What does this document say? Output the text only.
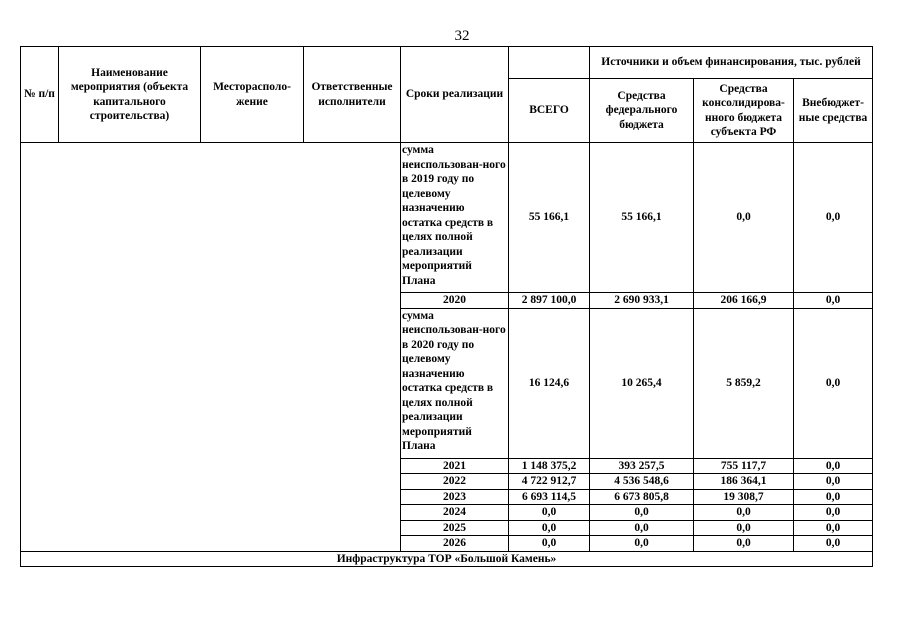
32
№ п/п	Наименование мероприятия (объекта капитального строительства)	Месторасполо-жение	Ответственные исполнители	Сроки реализации		Источники и объем финансирования, тыс. рублей		
					ВСЕГО	Средства федерального бюджета	Средства консолидирова-нного бюджета субъекта РФ	Внебюджет-ные средства
				сумма неиспользован-ного в 2019 году по целевому назначению остатка средств в целях полной реализации мероприятий Плана	55 166,1	55 166,1	0,0	0,0
				2020	2 897 100,0	2 690 933,1	206 166,9	0,0
				сумма неиспользован-ного в 2020 году по целевому назначению остатка средств в целях полной реализации мероприятий Плана	16 124,6	10 265,4	5 859,2	0,0
				2021	1 148 375,2	393 257,5	755 117,7	0,0
				2022	4 722 912,7	4 536 548,6	186 364,1	0,0
				2023	6 693 114,5	6 673 805,8	19 308,7	0,0
				2024	0,0	0,0	0,0	0,0
				2025	0,0	0,0	0,0	0,0
				2026	0,0	0,0	0,0	0,0
Инфраструктура ТОР «Большой Камень»								
